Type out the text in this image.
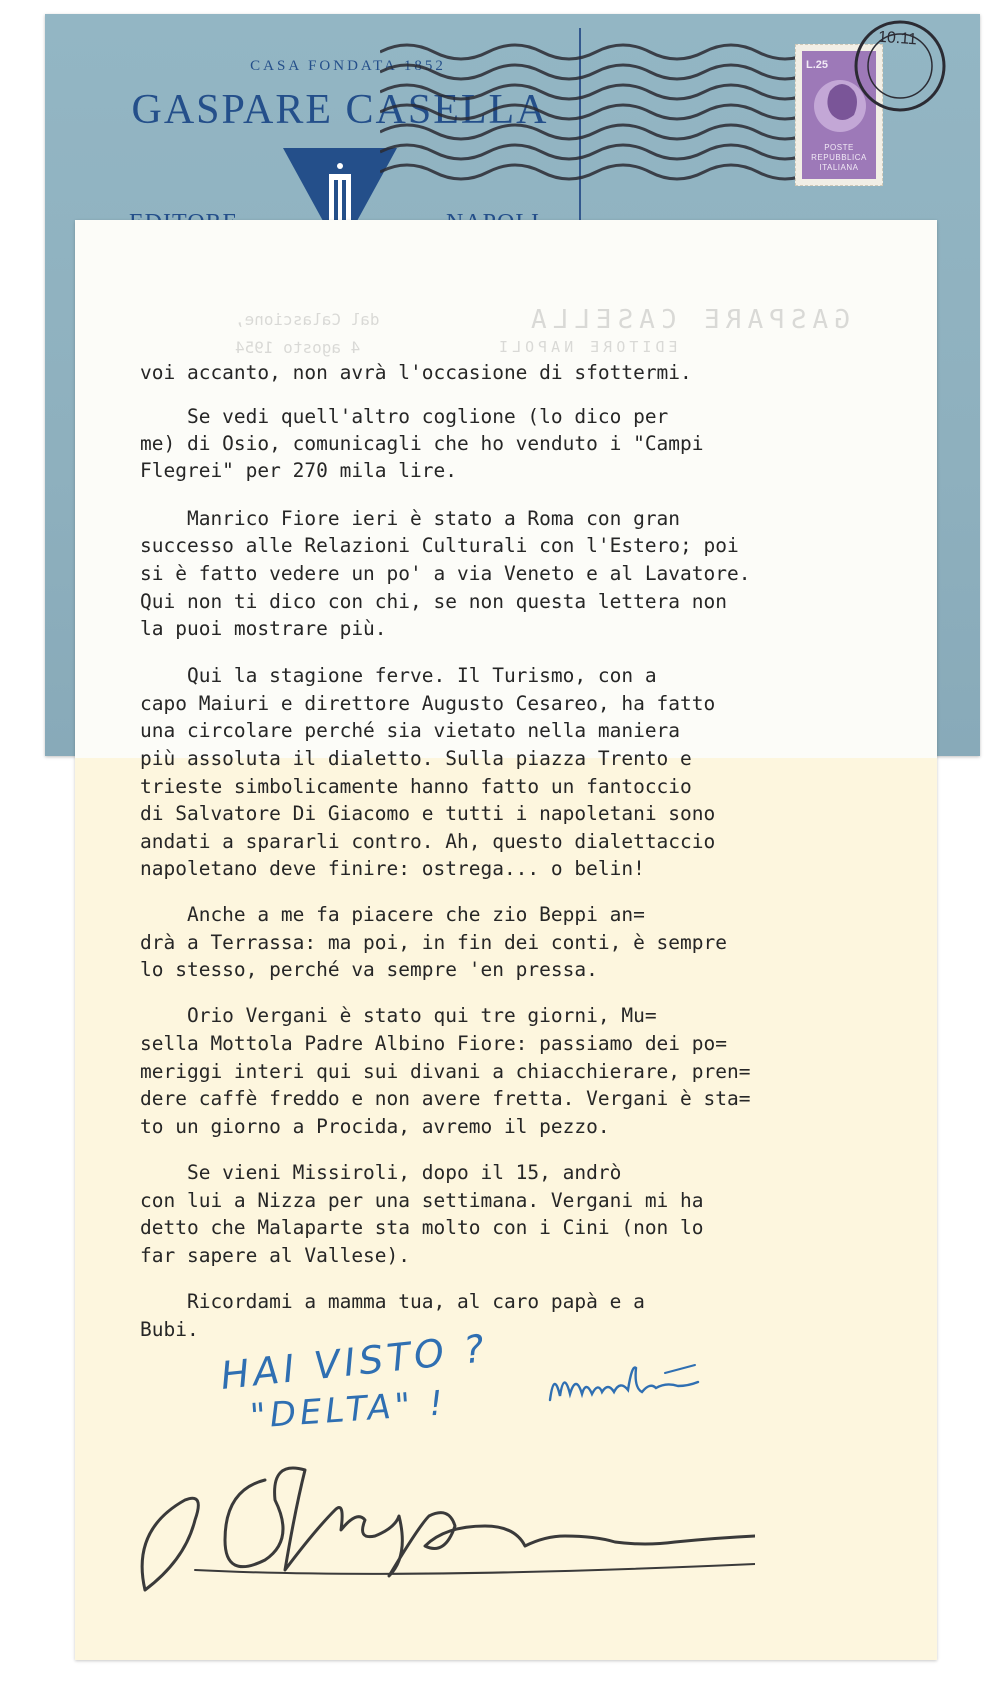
CASA FONDATA 1852
GASPARE CASELLA
L.25
POSTE
REPUBBLICA
ITALIANA
10.11
GASPARE CASELLA
EDITORE NAPOLI
dal Calascione,
4 agosto 1954

voi accanto, non avrà l'occasione di sfottermi.

Se vedi quell'altro coglione (lo dico per

me) di Osio, comunicagli che ho venduto i "Campi

Flegrei" per 270 mila lire.

Manrico Fiore ieri è stato a Roma con gran

successo alle Relazioni Culturali con l'Estero; poi

si è fatto vedere un po' a via Veneto e al Lavatore.

Qui non ti dico con chi, se non questa lettera non

la puoi mostrare più.

Qui la stagione ferve. Il Turismo, con a

capo Maiuri e direttore Augusto Cesareo, ha fatto

una circolare perché sia vietato nella maniera

più assoluta il dialetto. Sulla piazza Trento e

trieste simbolicamente hanno fatto un fantoccio

di Salvatore Di Giacomo e tutti i napoletani sono

andati a spararli contro. Ah, questo dialettaccio

napoletano deve finire: ostrega... o belin!

Anche a me fa piacere che zio Beppi an=

drà a Terrassa: ma poi, in fin dei conti, è sempre

lo stesso, perché va sempre 'en pressa.

Orio Vergani è stato qui tre giorni, Mu=

sella Mottola Padre Albino Fiore: passiamo dei po=

meriggi interi qui sui divani a chiacchierare, pren=

dere caffè freddo e non avere fretta. Vergani è sta=

to un giorno a Procida, avremo il pezzo.

Se vieni Missiroli, dopo il 15, andrò

con lui a Nizza per una settimana. Vergani mi ha

detto che Malaparte sta molto con i Cini (non lo

far sapere al Vallese).

Ricordami a mamma tua, al caro papà e a

Bubi.

HAI VISTO ?
"DELTA" !
